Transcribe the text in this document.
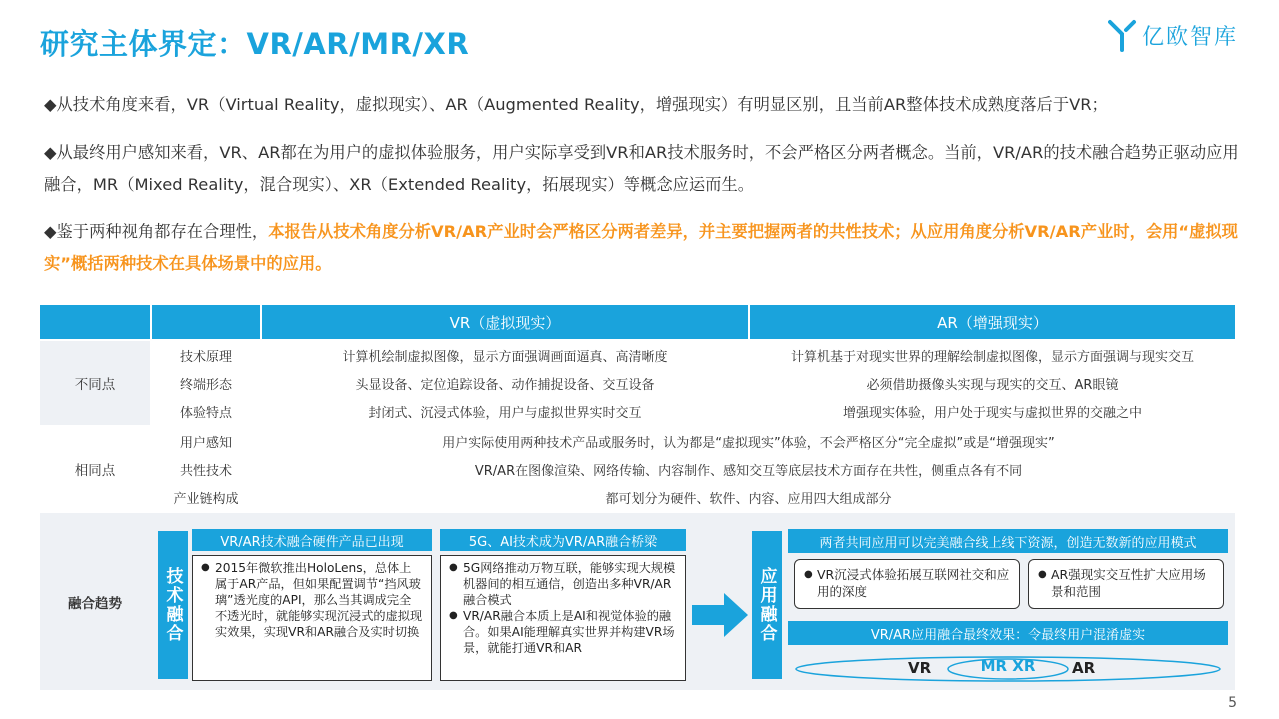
研究主体界定：VR/AR/MR/XR	亿欧智库
◆从技术角度来看，VR（Virtual Reality，虚拟现实）、AR（Augmented Reality，增强现实）有明显区别，且当前AR整体技术成熟度落后于VR；
◆从最终用户感知来看，VR、AR都在为用户的虚拟体验服务，用户实际享受到VR和AR技术服务时，不会严格区分两者概念。当前，VR/AR的技术融合趋势正驱动应用融合，MR（Mixed Reality，混合现实）、XR（Extended Reality，拓展现实）等概念应运而生。
◆鉴于两种视角都存在合理性，本报告从技术角度分析VR/AR产业时会严格区分两者差异，并主要把握两者的共性技术；从应用角度分析VR/AR产业时，会用“虚拟现实”概括两种技术在具体场景中的应用。
VR（虚拟现实）	AR（增强现实）
不同点
技术原理	计算机绘制虚拟图像，显示方面强调画面逼真、高清晰度	计算机基于对现实世界的理解绘制虚拟图像，显示方面强调与现实交互
终端形态	头显设备、定位追踪设备、动作捕捉设备、交互设备	必须借助摄像头实现与现实的交互、AR眼镜
体验特点	封闭式、沉浸式体验，用户与虚拟世界实时交互	增强现实体验，用户处于现实与虚拟世界的交融之中
相同点
用户感知	用户实际使用两种技术产品或服务时，认为都是“虚拟现实”体验，不会严格区分“完全虚拟”或是“增强现实”
共性技术	VR/AR在图像渲染、网络传输、内容制作、感知交互等底层技术方面存在共性，侧重点各有不同
产业链构成	都可划分为硬件、软件、内容、应用四大组成部分
融合趋势	技术融合
VR/AR技术融合硬件产品已出现
● 2015年微软推出HoloLens，总体上属于AR产品，但如果配置调节“挡风玻璃”透光度的API，那么当其调成完全不透光时，就能够实现沉浸式的虚拟现实效果，实现VR和AR融合及实时切换
5G、AI技术成为VR/AR融合桥梁
● 5G网络推动万物互联，能够实现大规模机器间的相互通信，创造出多种VR/AR融合模式
● VR/AR融合本质上是AI和视觉体验的融合。如果AI能理解真实世界并构建VR场景，就能打通VR和AR
应用融合
两者共同应用可以完美融合线上线下资源，创造无数新的应用模式
● VR沉浸式体验拓展互联网社交和应用的深度
● AR强现实交互性扩大应用场景和范围
VR/AR应用融合最终效果：令最终用户混淆虚实
VR	MR XR	AR
5
